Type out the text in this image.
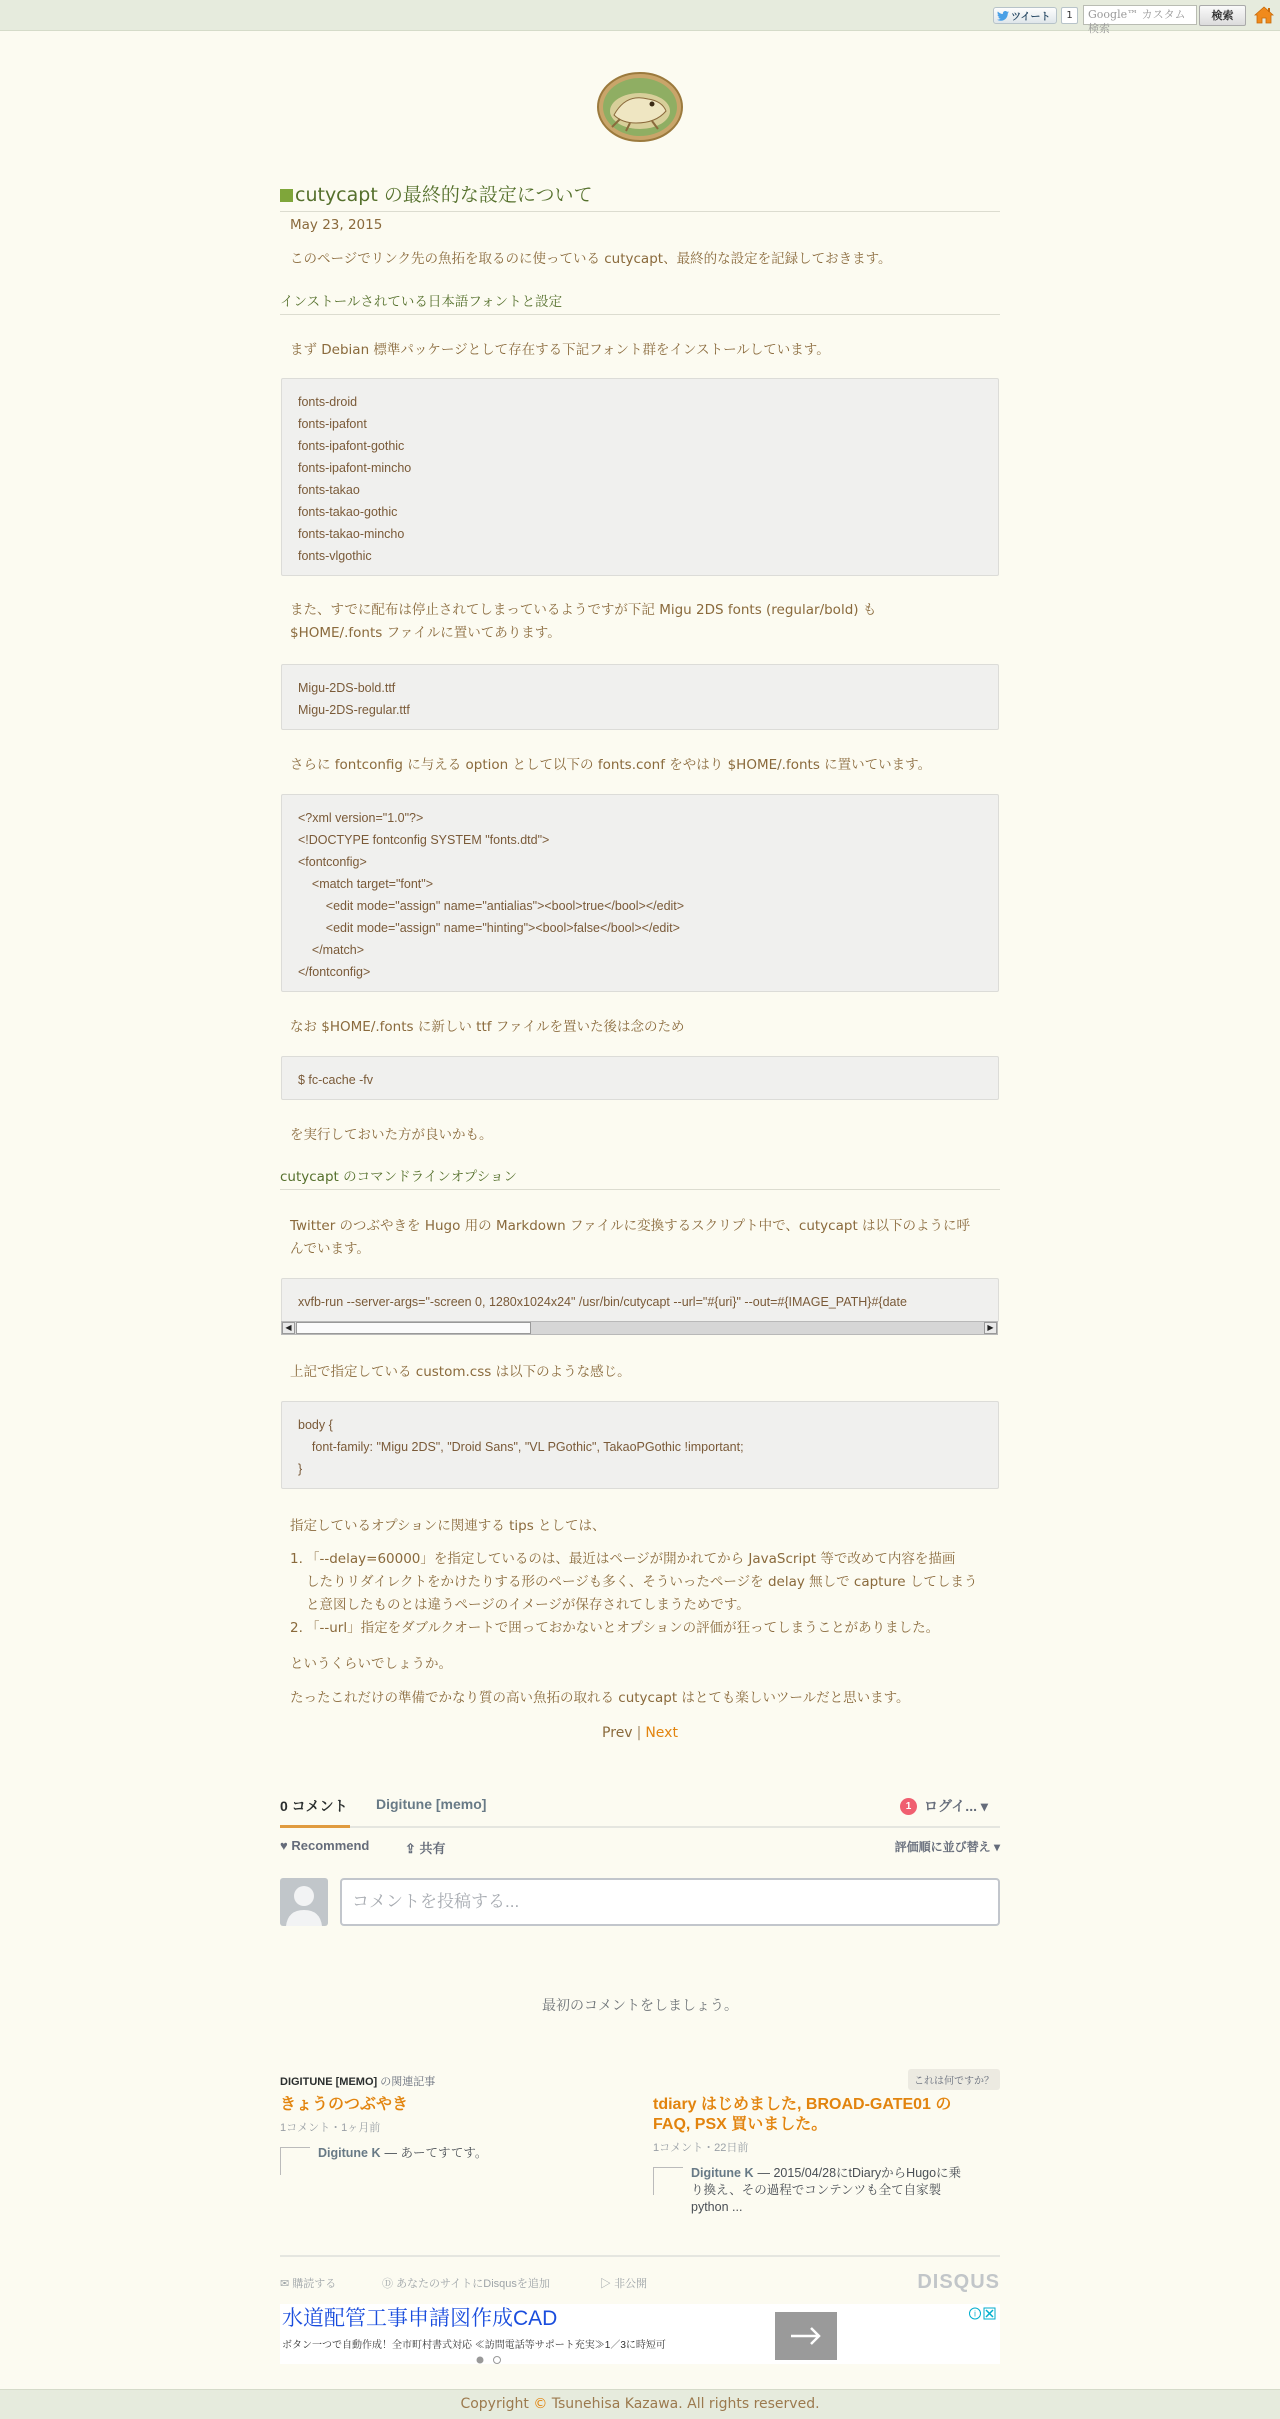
ツイート	1	Google™ カスタム検索
検索
cutycapt の最終的な設定について
May 23, 2015
このページでリンク先の魚拓を取るのに使っている cutycapt、最終的な設定を記録しておきます。
インストールされている日本語フォントと設定
まず Debian 標準パッケージとして存在する下記フォント群をインストールしています。
fonts-droid
fonts-ipafont
fonts-ipafont-gothic
fonts-ipafont-mincho
fonts-takao
fonts-takao-gothic
fonts-takao-mincho
fonts-vlgothic
また、すでに配布は停止されてしまっているようですが下記 Migu 2DS fonts (regular/bold) も
$HOME/.fonts ファイルに置いてあります。
Migu-2DS-bold.ttf
Migu-2DS-regular.ttf
さらに fontconfig に与える option として以下の fonts.conf をやはり $HOME/.fonts に置いています。
<?xml version="1.0"?>
<!DOCTYPE fontconfig SYSTEM "fonts.dtd">
<fontconfig>
<match target="font">
<edit mode="assign" name="antialias"><bool>true</bool></edit>
<edit mode="assign" name="hinting"><bool>false</bool></edit>
</match>
</fontconfig>
なお $HOME/.fonts に新しい ttf ファイルを置いた後は念のため
$ fc-cache -fv
を実行しておいた方が良いかも。
cutycapt のコマンドラインオプション
Twitter のつぶやきを Hugo 用の Markdown ファイルに変換するスクリプト中で、cutycapt は以下のように呼
んでいます。
xvfb-run --server-args="-screen 0, 1280x1024x24" /usr/bin/cutycapt --url="#{uri}" --out=#{IMAGE_PATH}#{date
◀	▶
上記で指定している custom.css は以下のような感じ。
body {
font-family: "Migu 2DS", "Droid Sans", "VL PGothic", TakaoPGothic !important;
}
指定しているオプションに関連する tips としては、
1. 「--delay=60000」を指定しているのは、最近はページが開かれてから JavaScript 等で改めて内容を描画
したりリダイレクトをかけたりする形のページも多く、そういったページを delay 無しで capture してしまう
と意図したものとは違うページのイメージが保存されてしまうためです。
2. 「--url」指定をダブルクオートで囲っておかないとオプションの評価が狂ってしまうことがありました。
というくらいでしょうか。
たったこれだけの準備でかなり質の高い魚拓の取れる cutycapt はとても楽しいツールだと思います。
Prev | Next
0 コメント Digitune [memo]	1 ログイ... ▾
♥ Recommend	⇪ 共有	評価順に並び替え ▾
コメントを投稿する...
最初のコメントをしましょう。
DIGITUNE [MEMO] の関連記事	これは何ですか？
きょうのつぶやき
1コメント・1ヶ月前
Digitune K — あーてすてす。
tdiary はじめました, BROAD-GATE01 の
FAQ, PSX 買いました。
1コメント・22日前
Digitune K — 2015/04/28にtDiaryからHugoに乗
り換え、その過程でコンテンツも全て自家製
python ...
✉ 購読する	Ⓓ あなたのサイトにDisqusを追加	▷ 非公開	DISQUS
水道配管工事申請図作成CAD
ボタン一つで自動作成！全市町村書式対応 ≪訪問電話等サポート充実≫1／3に時短可
i
Copyright © Tsunehisa Kazawa. All rights reserved.
